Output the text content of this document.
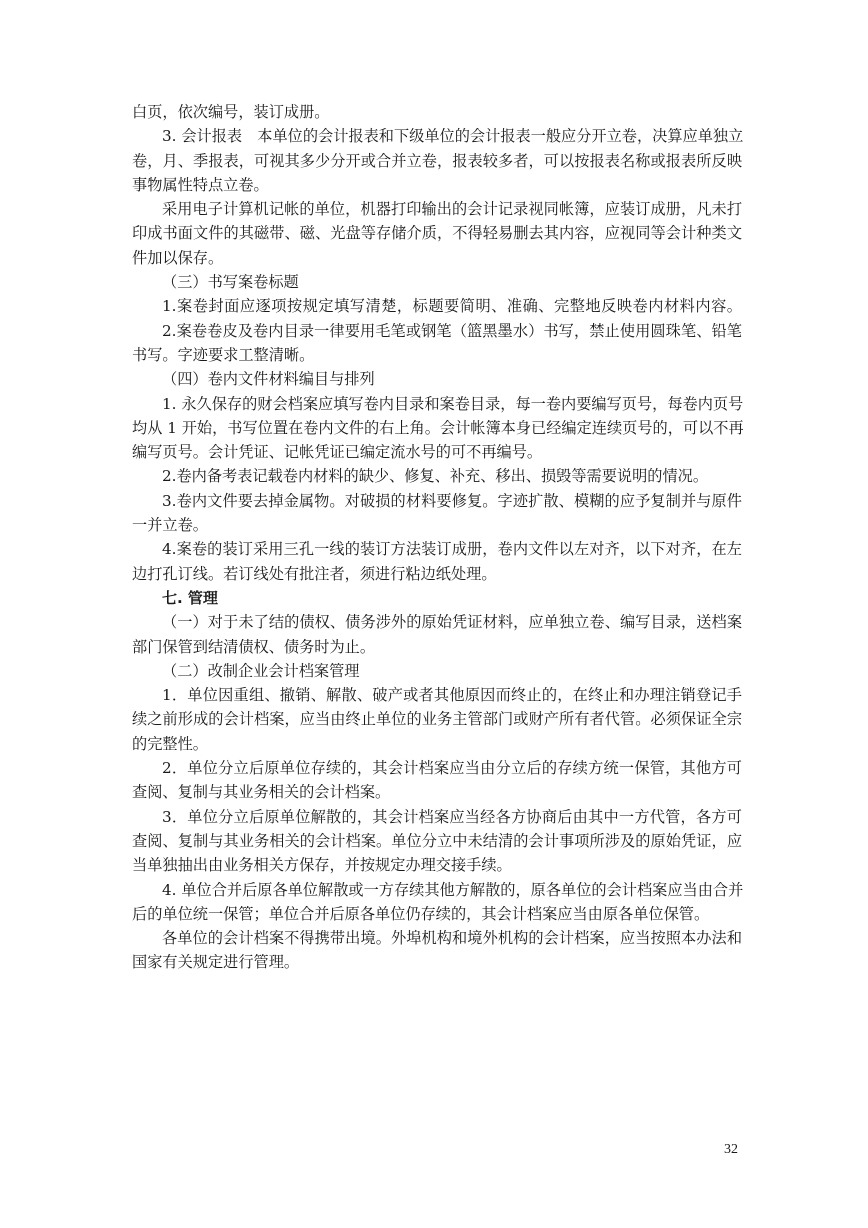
白页，依次编号，装订成册。
3. 会计报表　本单位的会计报表和下级单位的会计报表一般应分开立卷，决算应单独立
卷，月、季报表，可视其多少分开或合并立卷，报表较多者，可以按报表名称或报表所反映
事物属性特点立卷。
采用电子计算机记帐的单位，机器打印输出的会计记录视同帐簿，应装订成册，凡未打
印成书面文件的其磁带、磁、光盘等存储介质，不得轻易删去其内容，应视同等会计种类文
件加以保存。
（三）书写案卷标题
1.案卷封面应逐项按规定填写清楚，标题要简明、准确、完整地反映卷内材料内容。
2.案卷卷皮及卷内目录一律要用毛笔或钢笔（篮黑墨水）书写，禁止使用圆珠笔、铅笔
书写。字迹要求工整清晰。
（四）卷内文件材料编目与排列
1. 永久保存的财会档案应填写卷内目录和案卷目录，每一卷内要编写页号，每卷内页号
均从 1 开始，书写位置在卷内文件的右上角。会计帐簿本身已经编定连续页号的，可以不再
编写页号。会计凭证、记帐凭证已编定流水号的可不再编号。
2.卷内备考表记载卷内材料的缺少、修复、补充、移出、损毁等需要说明的情况。
3.卷内文件要去掉金属物。对破损的材料要修复。字迹扩散、模糊的应予复制并与原件
一并立卷。
4.案卷的装订采用三孔一线的装订方法装订成册，卷内文件以左对齐，以下对齐，在左
边打孔订线。若订线处有批注者，须进行粘边纸处理。
七. 管理
（一）对于未了结的债权、债务涉外的原始凭证材料，应单独立卷、编写目录，送档案
部门保管到结清债权、债务时为止。
（二）改制企业会计档案管理
1．单位因重组、撤销、解散、破产或者其他原因而终止的，在终止和办理注销登记手
续之前形成的会计档案，应当由终止单位的业务主管部门或财产所有者代管。必须保证全宗
的完整性。
2．单位分立后原单位存续的，其会计档案应当由分立后的存续方统一保管，其他方可
查阅、复制与其业务相关的会计档案。
3．单位分立后原单位解散的，其会计档案应当经各方协商后由其中一方代管，各方可
查阅、复制与其业务相关的会计档案。单位分立中未结清的会计事项所涉及的原始凭证，应
当单独抽出由业务相关方保存，并按规定办理交接手续。
4. 单位合并后原各单位解散或一方存续其他方解散的，原各单位的会计档案应当由合并
后的单位统一保管；单位合并后原各单位仍存续的，其会计档案应当由原各单位保管。
各单位的会计档案不得携带出境。外埠机构和境外机构的会计档案，应当按照本办法和
国家有关规定进行管理。
32
